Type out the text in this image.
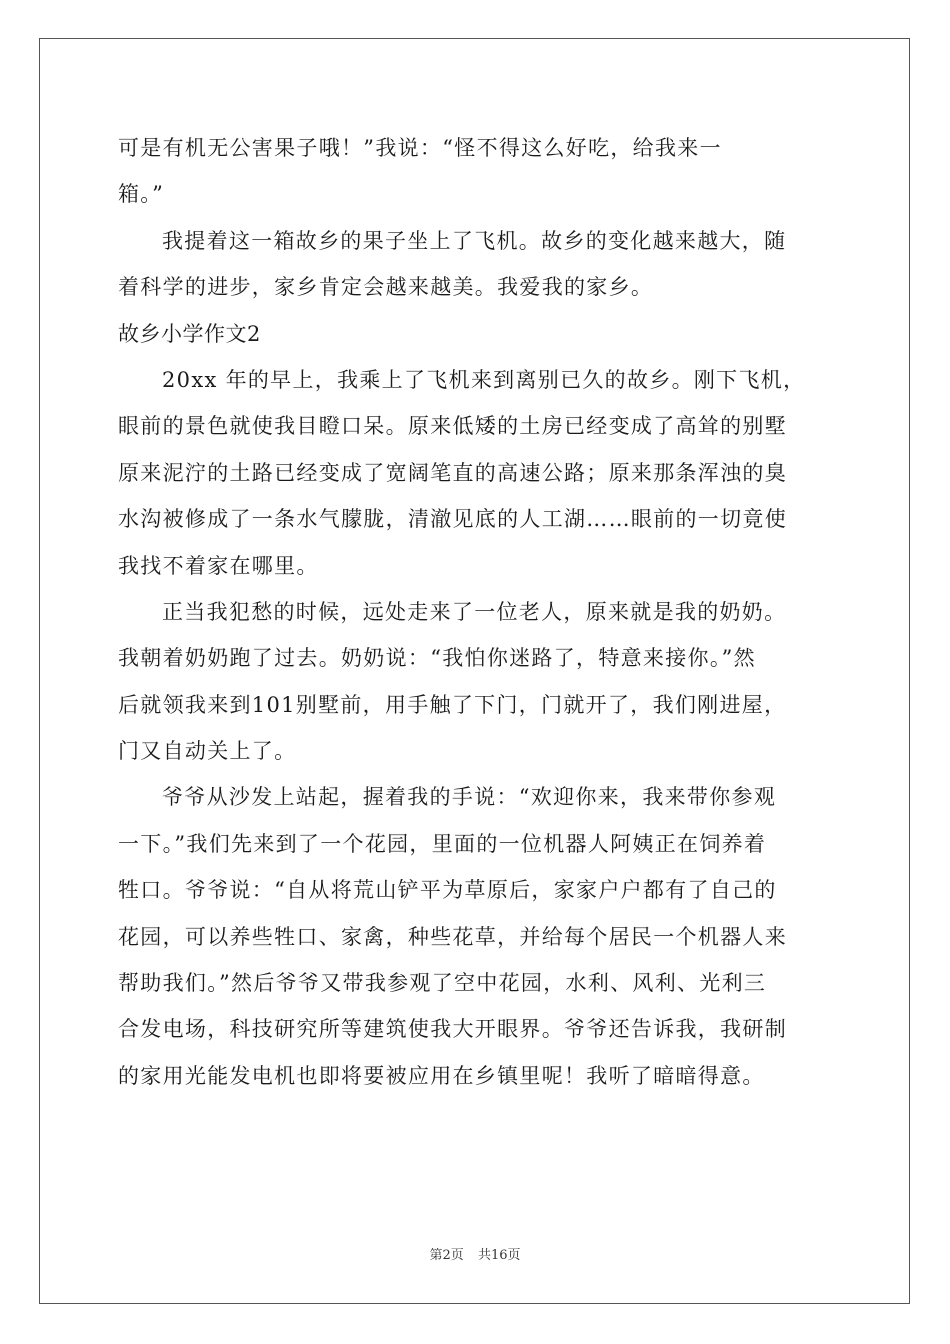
可是有机无公害果子哦！”我说：“怪不得这么好吃，给我来一
箱。”
我提着这一箱故乡的果子坐上了飞机。故乡的变化越来越大，随
着科学的进步，家乡肯定会越来越美。我爱我的家乡。
故乡小学作文2
20xx 年的早上，我乘上了飞机来到离别已久的故乡。刚下飞机，
眼前的景色就使我目瞪口呆。原来低矮的土房已经变成了高耸的别墅
原来泥泞的土路已经变成了宽阔笔直的高速公路；原来那条浑浊的臭
水沟被修成了一条水气朦胧，清澈见底的人工湖……眼前的一切竟使
我找不着家在哪里。
正当我犯愁的时候，远处走来了一位老人，原来就是我的奶奶。
我朝着奶奶跑了过去。奶奶说：“我怕你迷路了，特意来接你。”然
后就领我来到101别墅前，用手触了下门，门就开了，我们刚进屋，
门又自动关上了。
爷爷从沙发上站起，握着我的手说：“欢迎你来，我来带你参观
一下。”我们先来到了一个花园，里面的一位机器人阿姨正在饲养着
牲口。爷爷说：“自从将荒山铲平为草原后，家家户户都有了自己的
花园，可以养些牲口、家禽，种些花草，并给每个居民一个机器人来
帮助我们。”然后爷爷又带我参观了空中花园，水利、风利、光利三
合发电场，科技研究所等建筑使我大开眼界。爷爷还告诉我，我研制
的家用光能发电机也即将要被应用在乡镇里呢！我听了暗暗得意。
第2页 共16页
